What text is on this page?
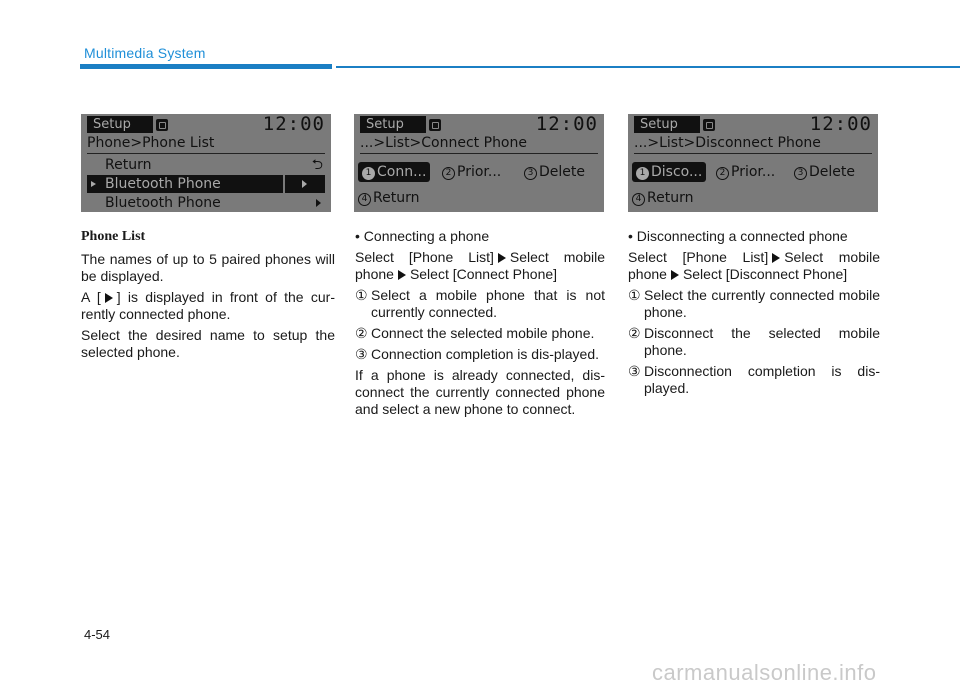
Multimedia System
Setup	12:00
Phone>Phone List
Return	⮌
Bluetooth Phone
Bluetooth Phone
Setup	12:00
...>List>Connect Phone
1 Conn...	2 Prior...	3 Delete
4 Return
Setup	12:00
...>List>Disconnect Phone
1 Disco...	2 Prior...	3 Delete
4 Return

Phone List

The names of up to 5 paired phones will be displayed.

A [ ] is displayed in front of the cur-rently connected phone.

Select the desired name to setup the selected phone.

• Connecting a phone

Select [Phone List] Select mobile phone Select [Connect Phone]

① Select a mobile phone that is not currently connected.
② Connect the selected mobile phone.
③ Connection completion is dis-played.

If a phone is already connected, dis-connect the currently connected phone and select a new phone to connect.

• Disconnecting a connected phone

Select [Phone List] Select mobile phone Select [Disconnect Phone]

① Select the currently connected mobile phone.
② Disconnect the selected mobile phone.
③ Disconnection completion is dis-played.
4-54
carmanualsonline.info
